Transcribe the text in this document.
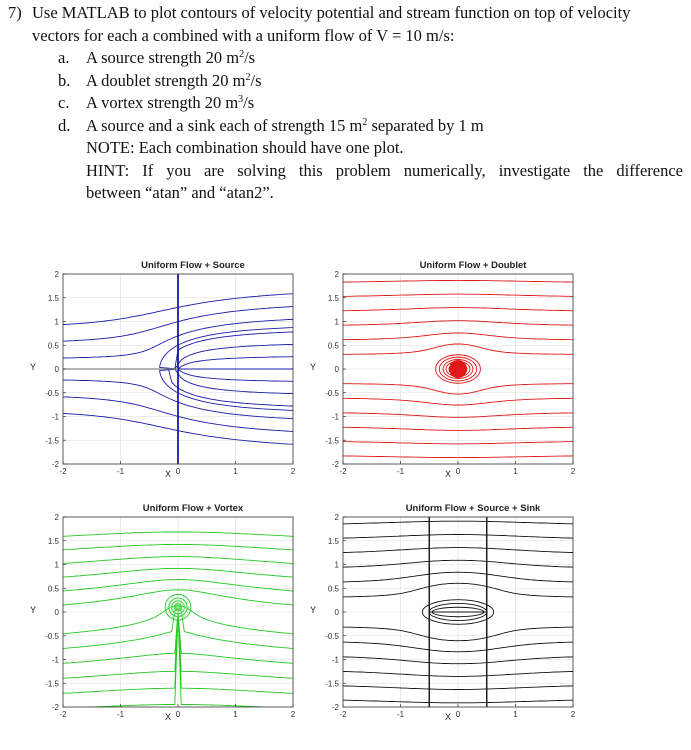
7) Use MATLAB to plot contours of velocity potential and stream function on top of velocity
vectors for each a combined with a uniform flow of V = 10 m/s:
a. A source strength 20 $m^2/s$
b. A doublet strength 20 $m^2/s$
c. A vortex strength 20 $m^3/s$
d. A source and a sink each of strength 15 $m^2$ separated by 1 m
NOTE: Each combination should have one plot.
HINT: If you are solving this problem numerically, investigate the difference
between “atan” and “atan2”.
Uniform Flow + Source
Y
X
-2	-1	0	1	2
2
1.5
1
0.5
0
-0.5
-1
-1.5
-2
Uniform Flow + Doublet
Y
X
-2	-1	0	1	2
2
1.5
1
0.5
0
-0.5
-1
-1.5
-2
Uniform Flow + Vortex
Y
X
-2	-1	0	1	2
2
1.5
1
0.5
0
-0.5
-1
-1.5
-2
Uniform Flow + Source + Sink
Y
X
-2	-1	0	1	2
2
1.5
1
0.5
0
-0.5
-1
-1.5
-2
